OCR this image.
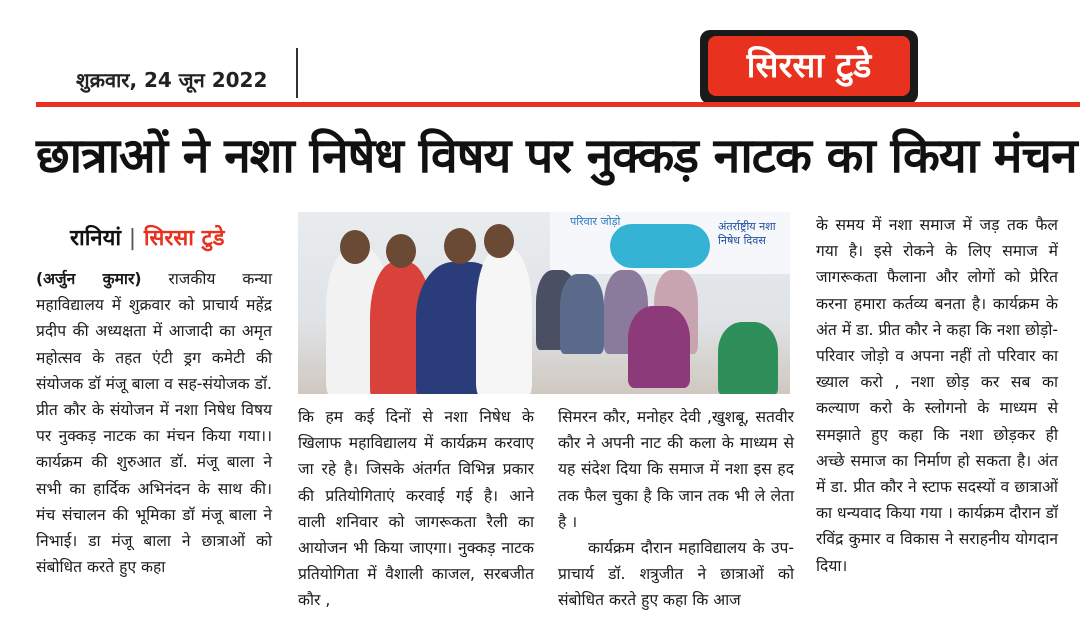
शुक्रवार, 24 जून 2022	सिरसा टुडे
छात्राओं ने नशा निषेध विषय पर नुक्कड़ नाटक का किया मंचन
रानियां | सिरसा टुडे

(अर्जुन कुमार) राजकीय कन्या महाविद्यालय में शुक्रवार को प्राचार्य महेंद्र प्रदीप की अध्यक्षता में आजादी का अमृत महोत्सव के तहत एंटी ड्रग कमेटी की संयोजक डॉ मंजू बाला व सह-संयोजक डॉ. प्रीत कौर के संयोजन में नशा निषेध विषय पर नुक्कड़ नाटक का मंचन किया गया।। कार्यक्रम की शुरुआत डॉ. मंजू बाला ने सभी का हार्दिक अभिनंदन के साथ की। मंच संचालन की भूमिका डॉ मंजू बाला ने निभाई। डा मंजू बाला ने छात्राओं को संबोधित करते हुए कहा

परिवार जोड़ो	अंतर्राष्ट्रीय नशा निषेध दिवस

कि हम कई दिनों से नशा निषेध के खिलाफ महाविद्यालय में कार्यक्रम करवाए जा रहे है। जिसके अंतर्गत विभिन्न प्रकार की प्रतियोगिताएं करवाई गई है। आने वाली शनिवार को जागरूकता रैली का आयोजन भी किया जाएगा। नुक्कड़ नाटक प्रतियोगिता में वैशाली काजल, सरबजीत कौर ,

सिमरन कौर, मनोहर देवी ,खुशबू, सतवीर कौर ने अपनी नाट की कला के माध्यम से यह संदेश दिया कि समाज में नशा इस हद तक फैल चुका है कि जान तक भी ले लेता है ।

कार्यक्रम दौरान महाविद्यालय के उप-प्राचार्य डॉ. शत्रुजीत ने छात्राओं को संबोधित करते हुए कहा कि आज

के समय में नशा समाज में जड़ तक फैल गया है। इसे रोकने के लिए समाज में जागरूकता फैलाना और लोगों को प्रेरित करना हमारा कर्तव्य बनता है। कार्यक्रम के अंत में डा. प्रीत कौर ने कहा कि नशा छोड़ो-परिवार जोड़ो व अपना नहीं तो परिवार का ख्याल करो , नशा छोड़ कर सब का कल्याण करो के स्लोगनो के माध्यम से समझाते हुए कहा कि नशा छोड़कर ही अच्छे समाज का निर्माण हो सकता है। अंत में डा. प्रीत कौर ने स्टाफ सदस्यों व छात्राओं का धन्यवाद किया गया । कार्यक्रम दौरान डॉ रविंद्र कुमार व विकास ने सराहनीय योगदान दिया।
